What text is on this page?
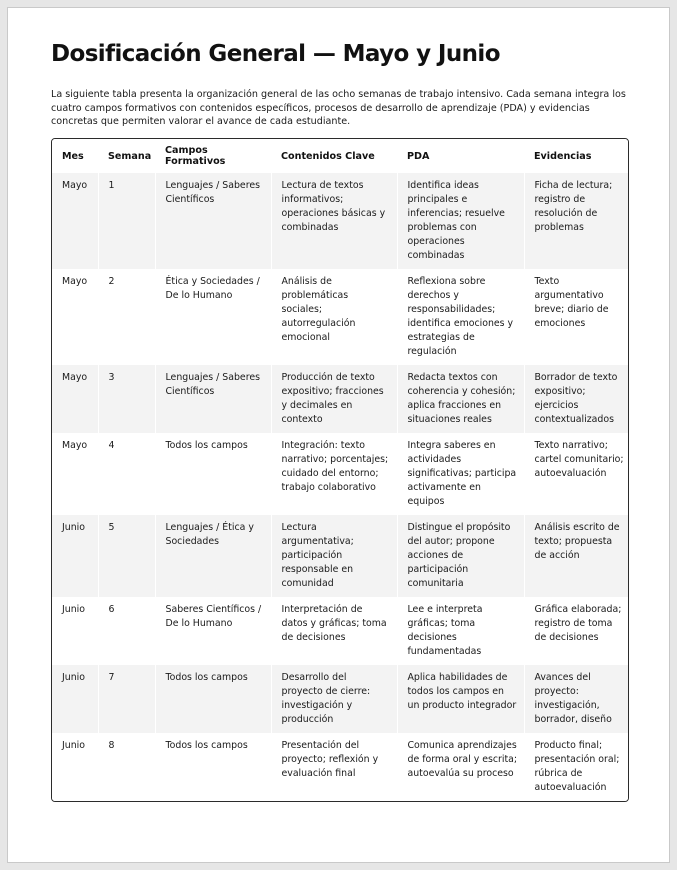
Dosificación General — Mayo y Junio

La siguiente tabla presenta la organización general de las ocho semanas de trabajo intensivo. Cada semana integra los cuatro campos formativos con contenidos específicos, procesos de desarrollo de aprendizaje (PDA) y evidencias concretas que permiten valorar el avance de cada estudiante.

Mes	Semana	Campos Formativos	Contenidos Clave	PDA	Evidencias
Mayo	1	Lenguajes / Saberes Científicos	Lectura de textos informativos; operaciones básicas y combinadas	Identifica ideas principales e inferencias; resuelve problemas con operaciones combinadas	Ficha de lectura; registro de resolución de problemas
Mayo	2	Ética y Sociedades / De lo Humano	Análisis de problemáticas sociales; autorregulación emocional	Reflexiona sobre derechos y responsabilidades; identifica emociones y estrategias de regulación	Texto argumentativo breve; diario de emociones
Mayo	3	Lenguajes / Saberes Científicos	Producción de texto expositivo; fracciones y decimales en contexto	Redacta textos con coherencia y cohesión; aplica fracciones en situaciones reales	Borrador de texto expositivo; ejercicios contextualizados
Mayo	4	Todos los campos	Integración: texto narrativo; porcentajes; cuidado del entorno; trabajo colaborativo	Integra saberes en actividades significativas; participa activamente en equipos	Texto narrativo; cartel comunitario; autoevaluación
Junio	5	Lenguajes / Ética y Sociedades	Lectura argumentativa; participación responsable en comunidad	Distingue el propósito del autor; propone acciones de participación comunitaria	Análisis escrito de texto; propuesta de acción
Junio	6	Saberes Científicos / De lo Humano	Interpretación de datos y gráficas; toma de decisiones	Lee e interpreta gráficas; toma decisiones fundamentadas	Gráfica elaborada; registro de toma de decisiones
Junio	7	Todos los campos	Desarrollo del proyecto de cierre: investigación y producción	Aplica habilidades de todos los campos en un producto integrador	Avances del proyecto: investigación, borrador, diseño
Junio	8	Todos los campos	Presentación del proyecto; reflexión y evaluación final	Comunica aprendizajes de forma oral y escrita; autoevalúa su proceso	Producto final; presentación oral; rúbrica de autoevaluación
